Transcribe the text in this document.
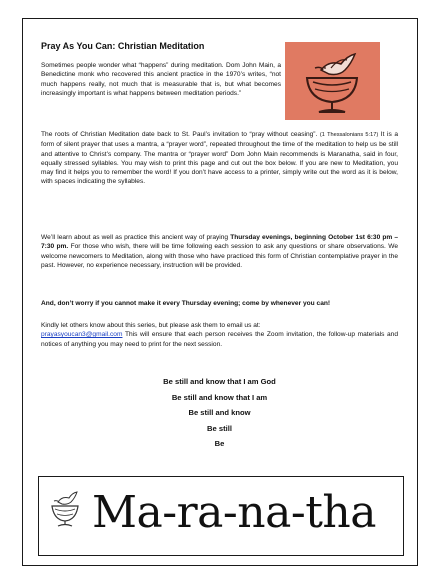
Pray As You Can: Christian Meditation

Sometimes people wonder what “happens” during meditation. Dom John Main, a Benedictine monk who recovered this ancient practice in the 1970’s writes, “not much happens really, not much that is measurable that is, but what becomes increasingly important is what happens between meditation periods.”

The roots of Christian Meditation date back to St. Paul’s invitation to “pray without ceasing”. (1 Thessalonians 5:17) It is a form of silent prayer that uses a mantra, a “prayer word”, repeated throughout the time of the meditation to help us be still and attentive to Christ’s company. The mantra or “prayer word” Dom John Main recommends is Maranatha, said in four, equally stressed syllables. You may wish to print this page and cut out the box below. If you are new to Meditation, you may find it helps you to remember the word! If you don’t have access to a printer, simply write out the word as it is below, with spaces indicating the syllables.

We’ll learn about as well as practice this ancient way of praying Thursday evenings, beginning October 1st 6:30 pm – 7:30 pm. For those who wish, there will be time following each session to ask any questions or share observations. We welcome newcomers to Meditation, along with those who have practiced this form of Christian contemplative prayer in the past. However, no experience necessary, instruction will be provided.

And, don’t worry if you cannot make it every Thursday evening; come by whenever you can!

Kindly let others know about this series, but please ask them to email us at:
prayasyoucan3@gmail.com This will ensure that each person receives the Zoom invitation, the follow-up materials and notices of anything you may need to print for the next session.

Be still and know that I am God
Be still and know that I am
Be still and know
Be still
Be
Ma-ra-na-tha
